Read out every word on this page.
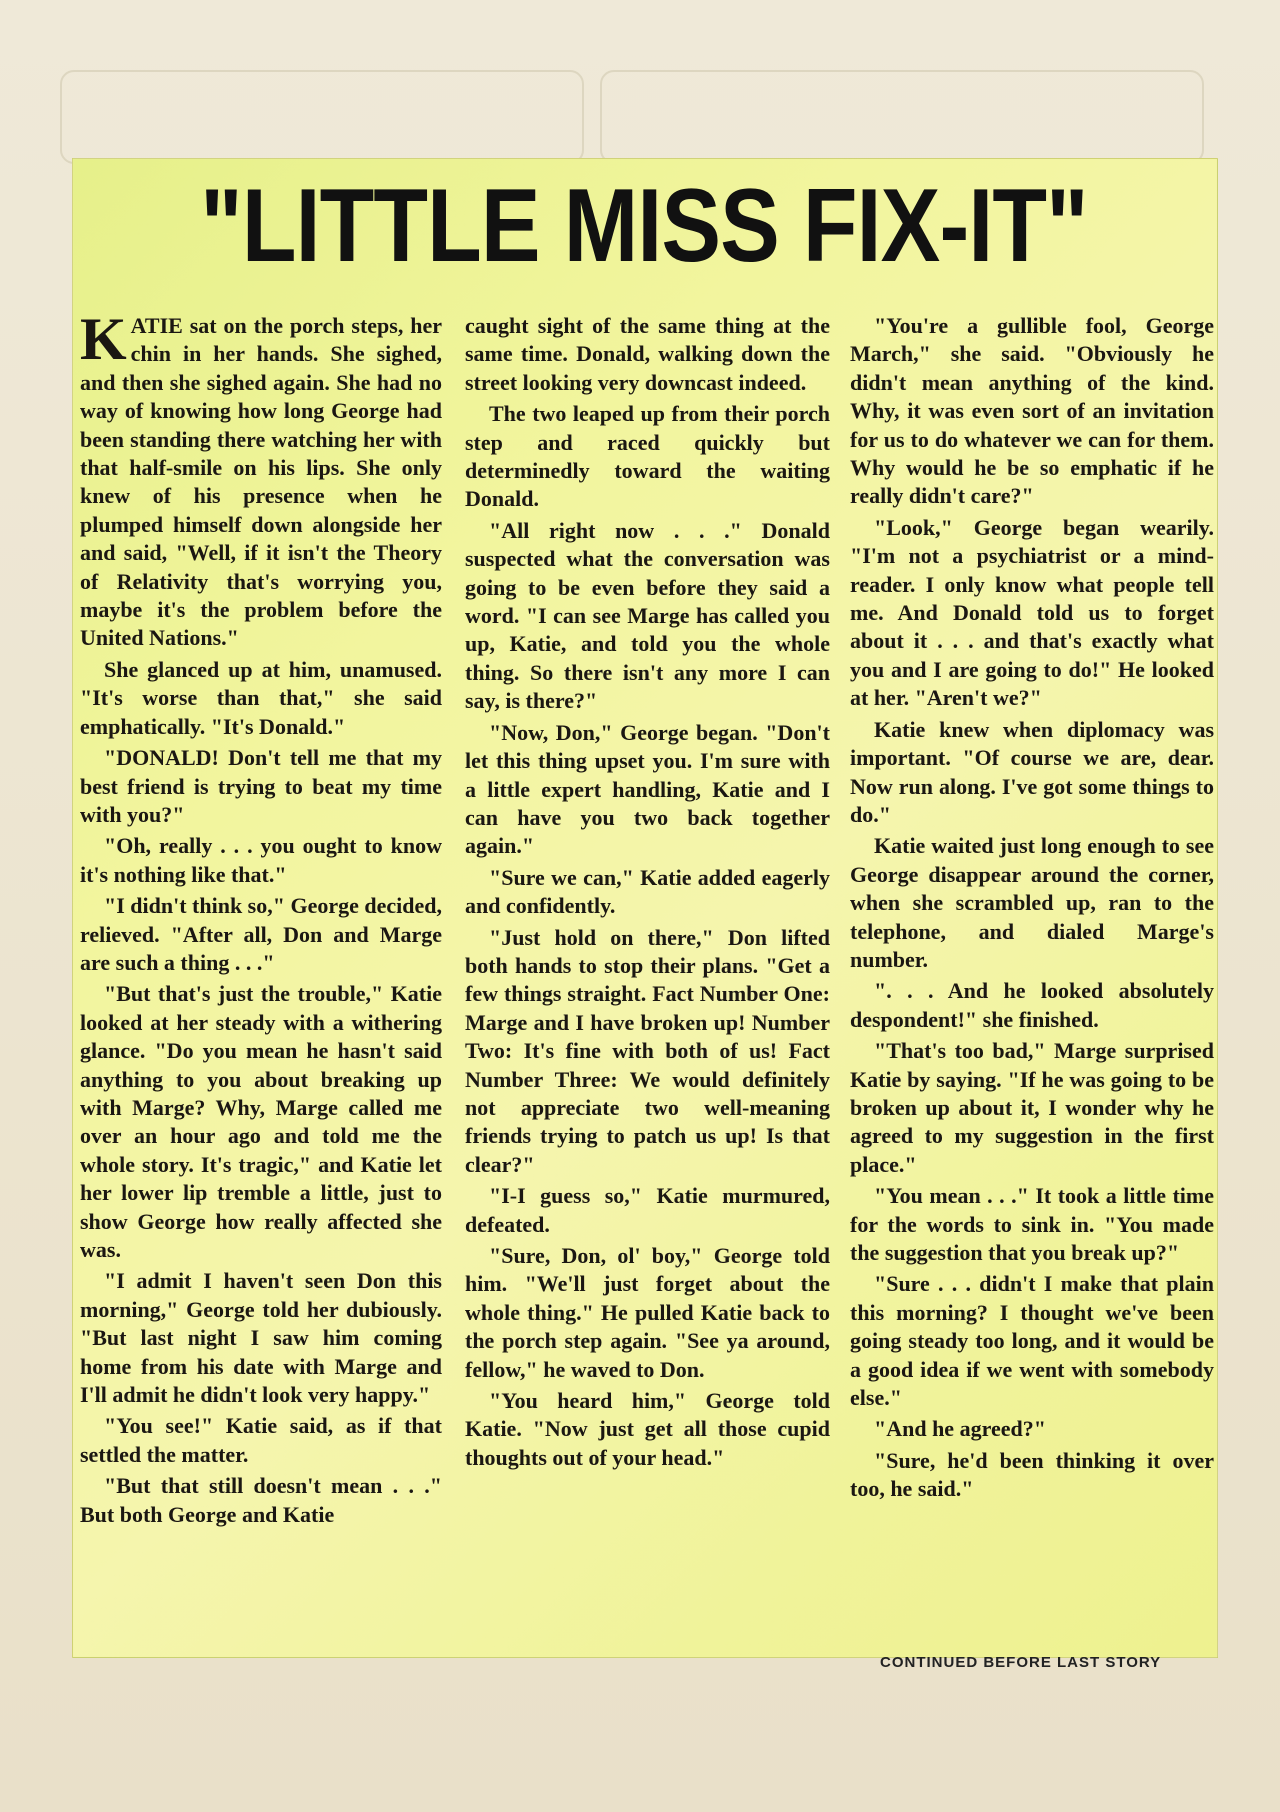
"LITTLE MISS FIX-IT"

KATIE sat on the porch steps, her chin in her hands. She sighed, and then she sighed again. She had no way of knowing how long George had been standing there watching her with that half-smile on his lips. She only knew of his presence when he plumped himself down alongside her and said, "Well, if it isn't the Theory of Relativity that's worrying you, maybe it's the problem before the United Nations."

She glanced up at him, unamused. "It's worse than that," she said emphatically. "It's Donald."

"DONALD! Don't tell me that my best friend is trying to beat my time with you?"

"Oh, really . . . you ought to know it's nothing like that."

"I didn't think so," George decided, relieved. "After all, Don and Marge are such a thing . . ."

"But that's just the trouble," Katie looked at her steady with a withering glance. "Do you mean he hasn't said anything to you about breaking up with Marge? Why, Marge called me over an hour ago and told me the whole story. It's tragic," and Katie let her lower lip tremble a little, just to show George how really affected she was.

"I admit I haven't seen Don this morning," George told her dubiously. "But last night I saw him coming home from his date with Marge and I'll admit he didn't look very happy."

"You see!" Katie said, as if that settled the matter.

"But that still doesn't mean . . ." But both George and Katie

caught sight of the same thing at the same time. Donald, walking down the street looking very downcast indeed.

The two leaped up from their porch step and raced quickly but determinedly toward the waiting Donald.

"All right now . . ." Donald suspected what the conversation was going to be even before they said a word. "I can see Marge has called you up, Katie, and told you the whole thing. So there isn't any more I can say, is there?"

"Now, Don," George began. "Don't let this thing upset you. I'm sure with a little expert handling, Katie and I can have you two back together again."

"Sure we can," Katie added eagerly and confidently.

"Just hold on there," Don lifted both hands to stop their plans. "Get a few things straight. Fact Number One: Marge and I have broken up! Number Two: It's fine with both of us! Fact Number Three: We would definitely not appreciate two well-meaning friends trying to patch us up! Is that clear?"

"I-I guess so," Katie murmured, defeated.

"Sure, Don, ol' boy," George told him. "We'll just forget about the whole thing." He pulled Katie back to the porch step again. "See ya around, fellow," he waved to Don.

"You heard him," George told Katie. "Now just get all those cupid thoughts out of your head."

"You're a gullible fool, George March," she said. "Obviously he didn't mean anything of the kind. Why, it was even sort of an invitation for us to do whatever we can for them. Why would he be so emphatic if he really didn't care?"

"Look," George began wearily. "I'm not a psychiatrist or a mind-reader. I only know what people tell me. And Donald told us to forget about it . . . and that's exactly what you and I are going to do!" He looked at her. "Aren't we?"

Katie knew when diplomacy was important. "Of course we are, dear. Now run along. I've got some things to do."

Katie waited just long enough to see George disappear around the corner, when she scrambled up, ran to the telephone, and dialed Marge's number.

". . . And he looked absolutely despondent!" she finished.

"That's too bad," Marge surprised Katie by saying. "If he was going to be broken up about it, I wonder why he agreed to my suggestion in the first place."

"You mean . . ." It took a little time for the words to sink in. "You made the suggestion that you break up?"

"Sure . . . didn't I make that plain this morning? I thought we've been going steady too long, and it would be a good idea if we went with somebody else."

"And he agreed?"

"Sure, he'd been thinking it over too, he said."

CONTINUED BEFORE LAST STORY
